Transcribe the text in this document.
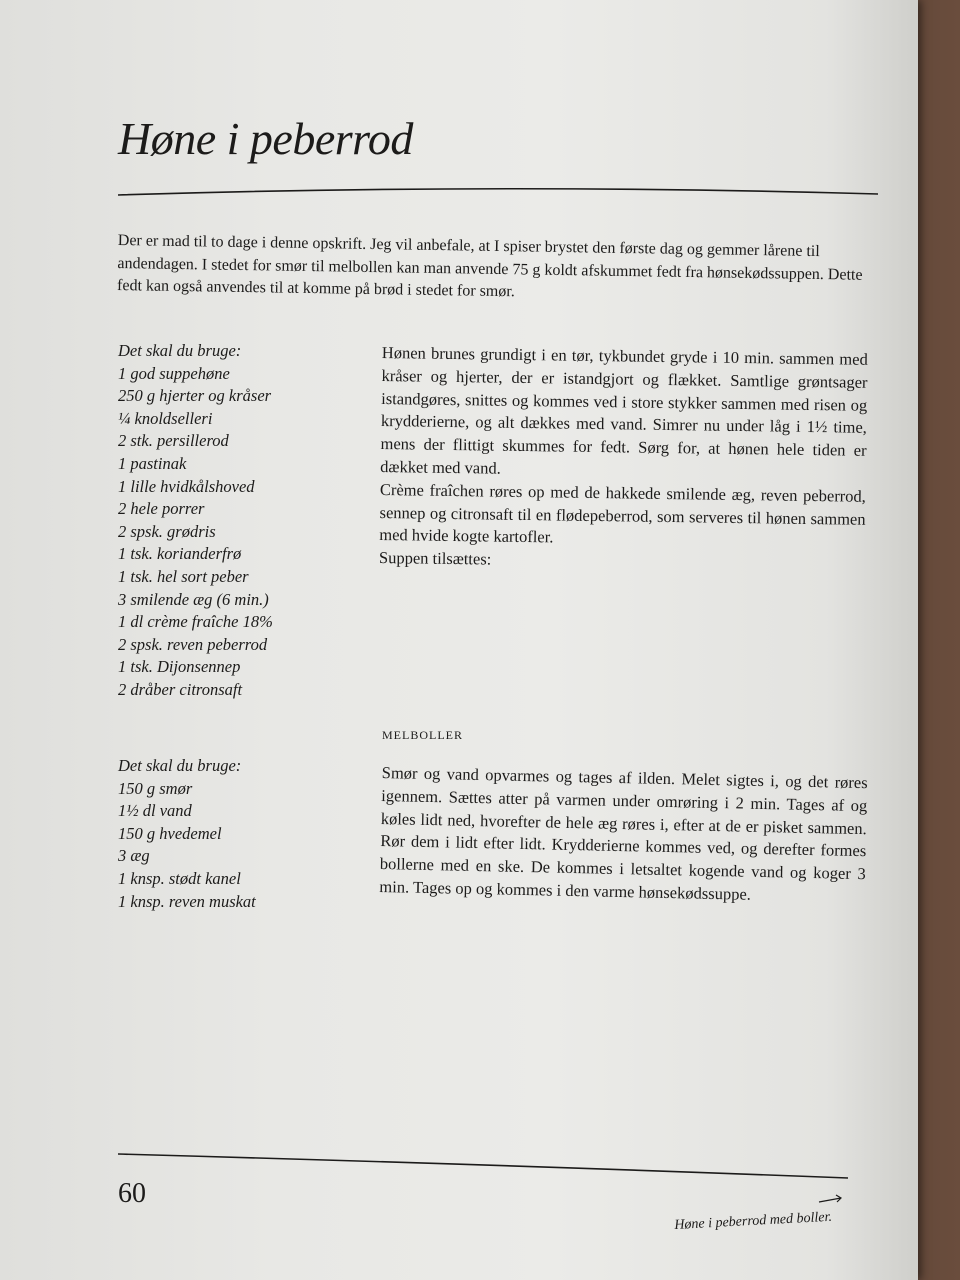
Høne i peberrod

Der er mad til to dage i denne opskrift. Jeg vil anbefale, at I spiser brystet den første dag og gemmer lårene til andendagen. I stedet for smør til melbollen kan man anvende 75 g koldt afskummet fedt fra hønsekødssuppen. Dette fedt kan også anvendes til at komme på brød i stedet for smør.

Det skal du bruge:
1 god suppehøne
250 g hjerter og kråser
¼ knoldselleri
2 stk. persillerod
1 pastinak
1 lille hvidkålshoved
2 hele porrer
2 spsk. grødris
1 tsk. korianderfrø
1 tsk. hel sort peber
3 smilende æg (6 min.)
1 dl crème fraîche 18%
2 spsk. reven peberrod
1 tsk. Dijonsennep
2 dråber citronsaft
Hønen brunes grundigt i en tør, tykbundet gryde i 10 min. sammen med kråser og hjerter, der er istandgjort og flækket. Samtlige grøntsager istandgøres, snittes og kommes ved i store stykker sammen med risen og krydderierne, og alt dækkes med vand. Simrer nu under låg i 1½ time, mens der flittigt skummes for fedt. Sørg for, at hønen hele tiden er dækket med vand.
Crème fraîchen røres op med de hakkede smilende æg, reven peberrod, sennep og citronsaft til en flødepeberrod, som serveres til hønen sammen med hvide kogte kartofler.
Suppen tilsættes:
MELBOLLER
Det skal du bruge:
150 g smør
1½ dl vand
150 g hvedemel
3 æg
1 knsp. stødt kanel
1 knsp. reven muskat

Smør og vand opvarmes og tages af ilden. Melet sigtes i, og det røres igennem. Sættes atter på varmen under omrøring i 2 min. Tages af og køles lidt ned, hvorefter de hele æg røres i, efter at de er pisket sammen. Rør dem i lidt efter lidt. Krydderierne kommes ved, og derefter formes bollerne med en ske. De kommes i letsaltet kogende vand og koger 3 min. Tages op og kommes i den varme hønsekødssuppe.

60

Høne i peberrod med boller.
